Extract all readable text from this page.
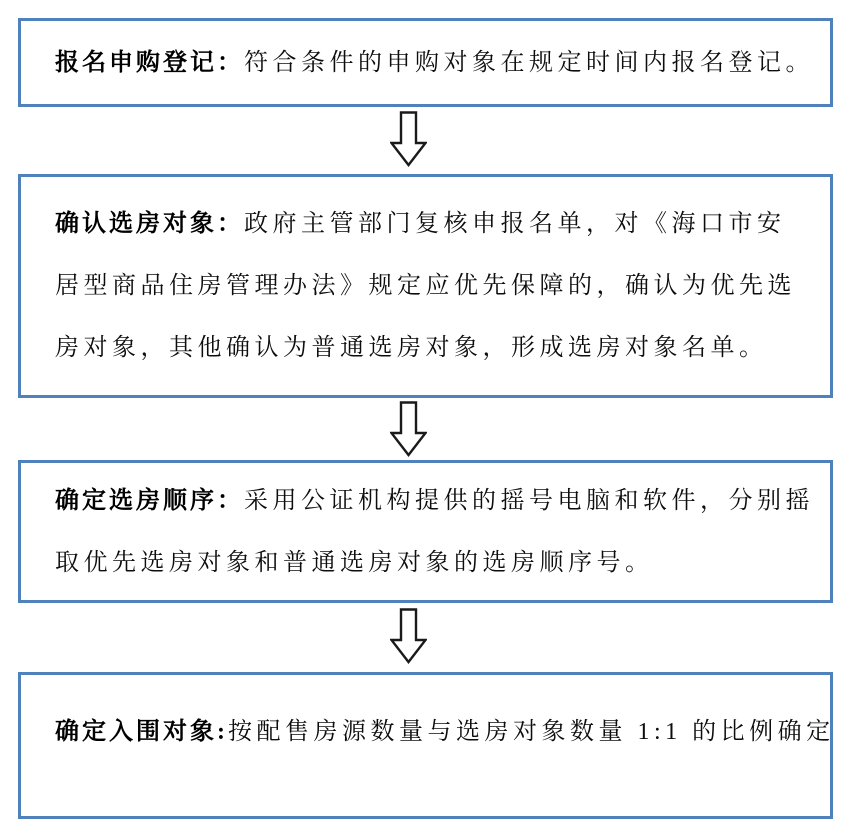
报名申购登记：符合条件的申购对象在规定时间内报名登记。
确认选房对象：政府主管部门复核申报名单，对《海口市安
居型商品住房管理办法》规定应优先保障的，确认为优先选
房对象，其他确认为普通选房对象，形成选房对象名单。
确定选房顺序：采用公证机构提供的摇号电脑和软件，分别摇
取优先选房对象和普通选房对象的选房顺序号。
确定入围对象:按配售房源数量与选房对象数量 1:1 的比例确定
